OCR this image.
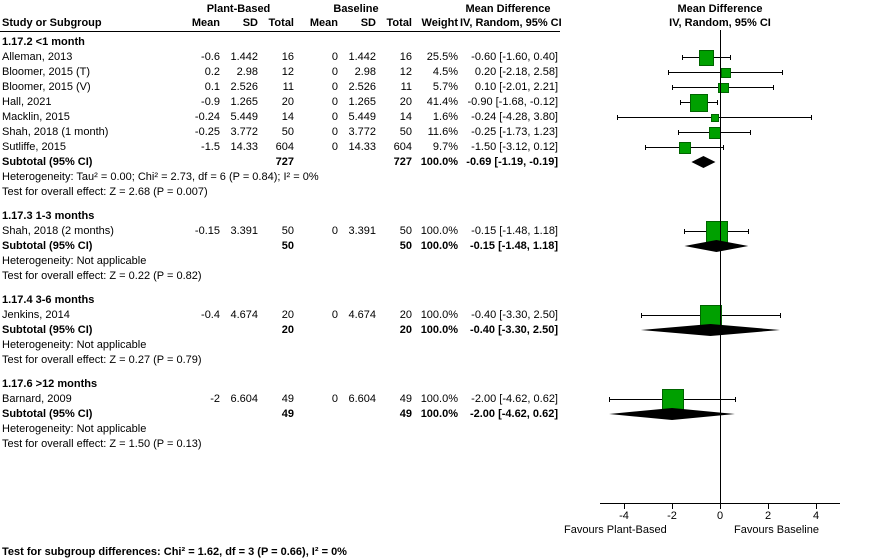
Plant-Based	Baseline	Mean Difference	Mean Difference
Study or Subgroup	Mean	SD Total	Mean	SD Total Weight IV, Random, 95% CI	IV, Random, 95% CI
1.17.2 <1 month
Alleman, 2013	-0.6 1.442	16	0 1.442	16	25.5%	-0.60 [-1.60, 0.40]
Bloomer, 2015 (T)	0.2	2.98	12	0	2.98	12	4.5%	0.20 [-2.18, 2.58]
Bloomer, 2015 (V)	0.1 2.526	11	0 2.526	11	5.7%	0.10 [-2.01, 2.21]
Hall, 2021	-0.9 1.265	20	0 1.265	20	41.4% -0.90 [-1.68, -0.12]
Macklin, 2015	-0.24 5.449	14	0 5.449	14	1.6%	-0.24 [-4.28, 3.80]
Shah, 2018 (1 month)	-0.25 3.772	50	0 3.772	50	11.6%	-0.25 [-1.73, 1.23]
Sutliffe, 2015	-1.5 14.33	604	0 14.33	604	9.7%	-1.50 [-3.12, 0.12]
Subtotal (95% CI)	727	727 100.0% -0.69 [-1.19, -0.19]
Heterogeneity: Tau² = 0.00; Chi² = 2.73, df = 6 (P = 0.84); I² = 0%
Test for overall effect: Z = 2.68 (P = 0.007)
1.17.3 1-3 months
Shah, 2018 (2 months)	-0.15 3.391	50	0 3.391	50 100.0%	-0.15 [-1.48, 1.18]
Subtotal (95% CI)	50	50 100.0%	-0.15 [-1.48, 1.18]
Heterogeneity: Not applicable
Test for overall effect: Z = 0.22 (P = 0.82)
1.17.4 3-6 months
Jenkins, 2014	-0.4 4.674	20	0 4.674	20 100.0%	-0.40 [-3.30, 2.50]
Subtotal (95% CI)	20	20 100.0%	-0.40 [-3.30, 2.50]
Heterogeneity: Not applicable
Test for overall effect: Z = 0.27 (P = 0.79)
1.17.6 >12 months
Barnard, 2009	-2 6.604	49	0 6.604	49 100.0%	-2.00 [-4.62, 0.62]
Subtotal (95% CI)	49	49 100.0%	-2.00 [-4.62, 0.62]
Heterogeneity: Not applicable
Test for overall effect: Z = 1.50 (P = 0.13)
-4	-2	0	2	4
Favours Plant-Based	Favours Baseline
Test for subgroup differences: Chi² = 1.62, df = 3 (P = 0.66), I² = 0%
